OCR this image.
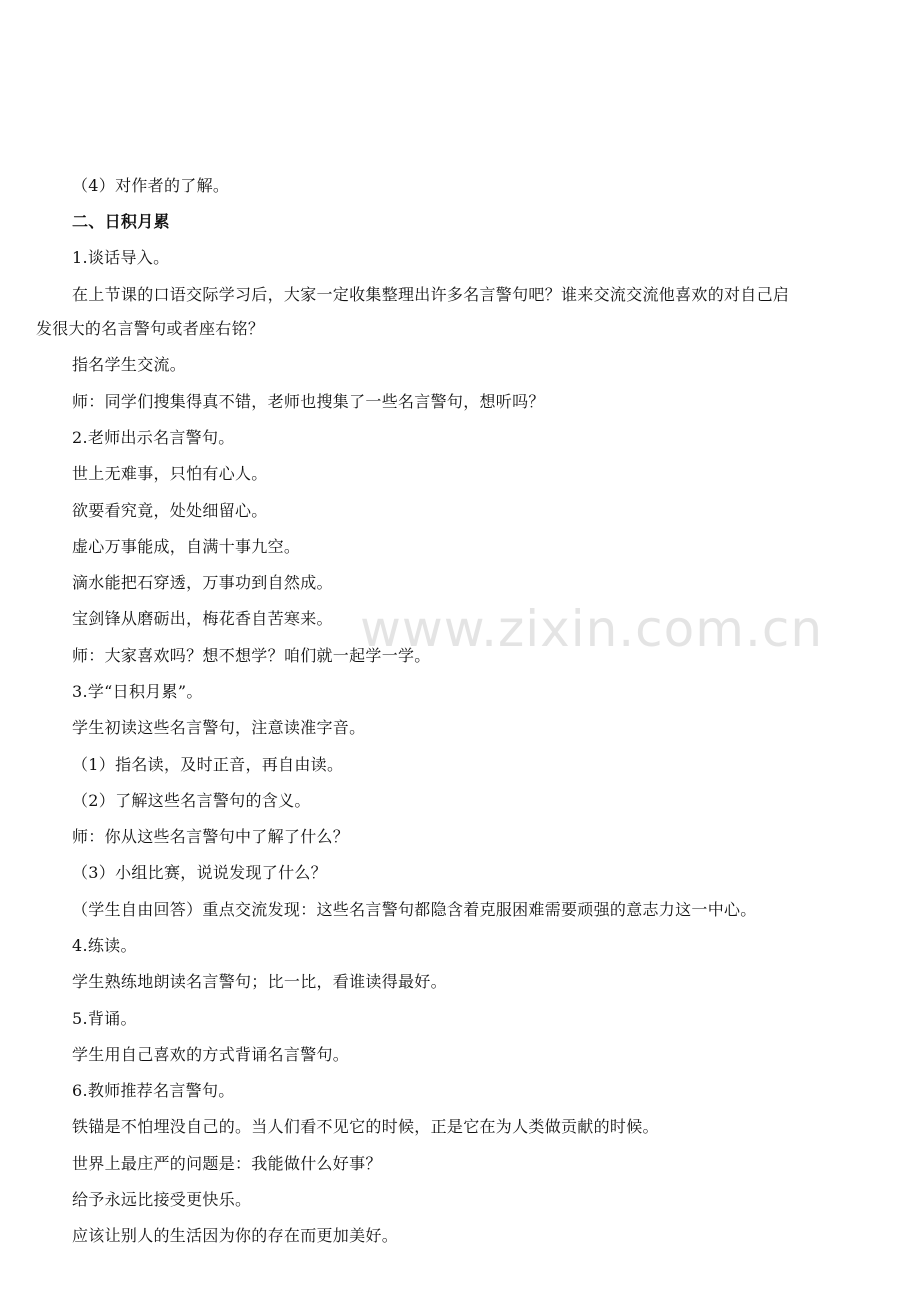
www.zixin.com.cn
（4）对作者的了解。
二、日积月累
1.谈话导入。
在上节课的口语交际学习后，大家一定收集整理出许多名言警句吧？谁来交流交流他喜欢的对自己启
发很大的名言警句或者座右铭？
指名学生交流。
师：同学们搜集得真不错，老师也搜集了一些名言警句，想听吗？
2.老师出示名言警句。
世上无难事，只怕有心人。
欲要看究竟，处处细留心。
虚心万事能成，自满十事九空。
滴水能把石穿透，万事功到自然成。
宝剑锋从磨砺出，梅花香自苦寒来。
师：大家喜欢吗？想不想学？咱们就一起学一学。
3.学“日积月累”。
学生初读这些名言警句，注意读准字音。
（1）指名读，及时正音，再自由读。
（2）了解这些名言警句的含义。
师：你从这些名言警句中了解了什么？
（3）小组比赛，说说发现了什么？
（学生自由回答）重点交流发现：这些名言警句都隐含着克服困难需要顽强的意志力这一中心。
4.练读。
学生熟练地朗读名言警句；比一比，看谁读得最好。
5.背诵。
学生用自己喜欢的方式背诵名言警句。
6.教师推荐名言警句。
铁锚是不怕埋没自己的。当人们看不见它的时候，正是它在为人类做贡献的时候。
世界上最庄严的问题是：我能做什么好事？
给予永远比接受更快乐。
应该让别人的生活因为你的存在而更加美好。
